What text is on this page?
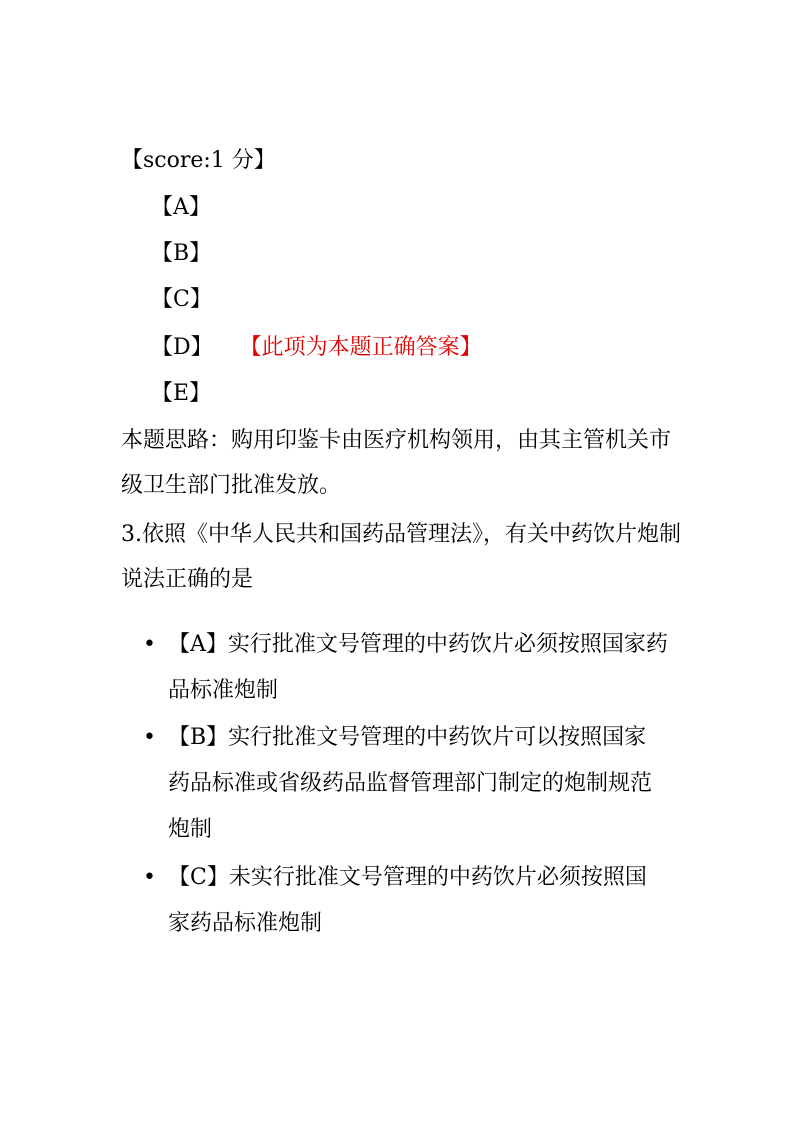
【score:1 分】
【A】
【B】
【C】
【D】 【此项为本题正确答案】
【E】
本题思路：购用印鉴卡由医疗机构领用，由其主管机关市级卫生部门批准发放。
3.依照《中华人民共和国药品管理法》，有关中药饮片炮制说法正确的是
• 【A】实行批准文号管理的中药饮片必须按照国家药品标准炮制
• 【B】实行批准文号管理的中药饮片可以按照国家药品标准或省级药品监督管理部门制定的炮制规范炮制
• 【C】未实行批准文号管理的中药饮片必须按照国家药品标准炮制
